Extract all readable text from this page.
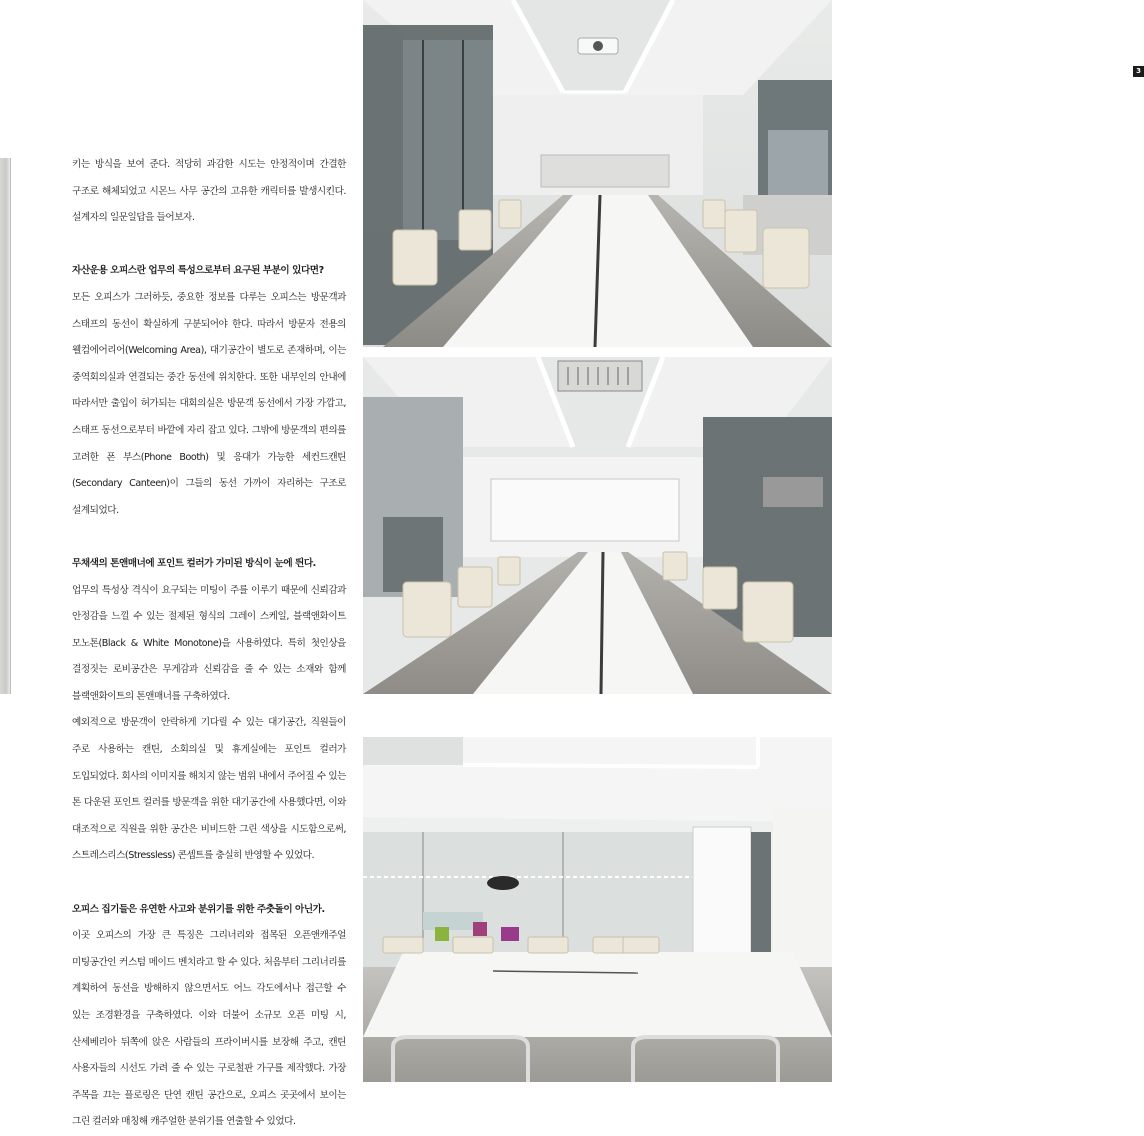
키는 방식을 보여 준다. 적당히 과감한 시도는 안정적이며 간결한 구조로 해체되었고 시몬느 사무 공간의 고유한 캐릭터를 발생시킨다. 설계자의 일문일답을 들어보자.

자산운용 오피스란 업무의 특성으로부터 요구된 부분이 있다면?
모든 오피스가 그러하듯, 중요한 정보를 다루는 오피스는 방문객과 스태프의 동선이 확실하게 구분되어야 한다. 따라서 방문자 전용의 웰컴에어리어(Welcoming Area), 대기공간이 별도로 존재하며, 이는 중역회의실과 연결되는 중간 동선에 위치한다. 또한 내부인의 안내에 따라서만 출입이 허가되는 대회의실은 방문객 동선에서 가장 가깝고, 스태프 동선으로부터 바깥에 자리 잡고 있다. 그밖에 방문객의 편의를 고려한 폰 부스(Phone Booth) 및 응대가 가능한 세컨드캔틴(Secondary Canteen)이 그들의 동선 가까이 자리하는 구조로 설계되었다.

무채색의 톤앤매너에 포인트 컬러가 가미된 방식이 눈에 띈다.
업무의 특성상 격식이 요구되는 미팅이 주를 이루기 때문에 신뢰감과 안정감을 느낄 수 있는 절제된 형식의 그레이 스케일, 블랙앤화이트 모노톤(Black & White Monotone)을 사용하였다. 특히 첫인상을 결정짓는 로비공간은 무게감과 신뢰감을 줄 수 있는 소재와 함께 블랙앤화이트의 톤앤매너를 구축하였다.

예외적으로 방문객이 안락하게 기다릴 수 있는 대기공간, 직원들이 주로 사용하는 캔틴, 소회의실 및 휴게실에는 포인트 컬러가 도입되었다. 회사의 이미지를 해치지 않는 범위 내에서 주어질 수 있는 톤 다운된 포인트 컬러를 방문객을 위한 대기공간에 사용했다면, 이와 대조적으로 직원을 위한 공간은 비비드한 그린 색상을 시도함으로써, 스트레스리스(Stressless) 콘셉트를 충실히 반영할 수 있었다.

오피스 집기들은 유연한 사고와 분위기를 위한 주춧돌이 아닌가.
이곳 오피스의 가장 큰 특징은 그리너리와 접목된 오픈앤캐주얼 미팅공간인 커스텀 메이드 벤치라고 할 수 있다. 처음부터 그리너리를 계획하여 동선을 방해하지 않으면서도 어느 각도에서나 접근할 수 있는 조경환경을 구축하였다. 이와 더불어 소규모 오픈 미팅 시, 산세베리아 뒤쪽에 앉은 사람들의 프라이버시를 보장해 주고, 캔틴 사용자들의 시선도 가려 줄 수 있는 구로철판 가구를 제작했다. 가장 주목을 끄는 플로링은 단연 캔틴 공간으로, 오피스 곳곳에서 보이는 그린 컬러와 매칭해 캐주얼한 분위기를 연출할 수 있었다.

3
